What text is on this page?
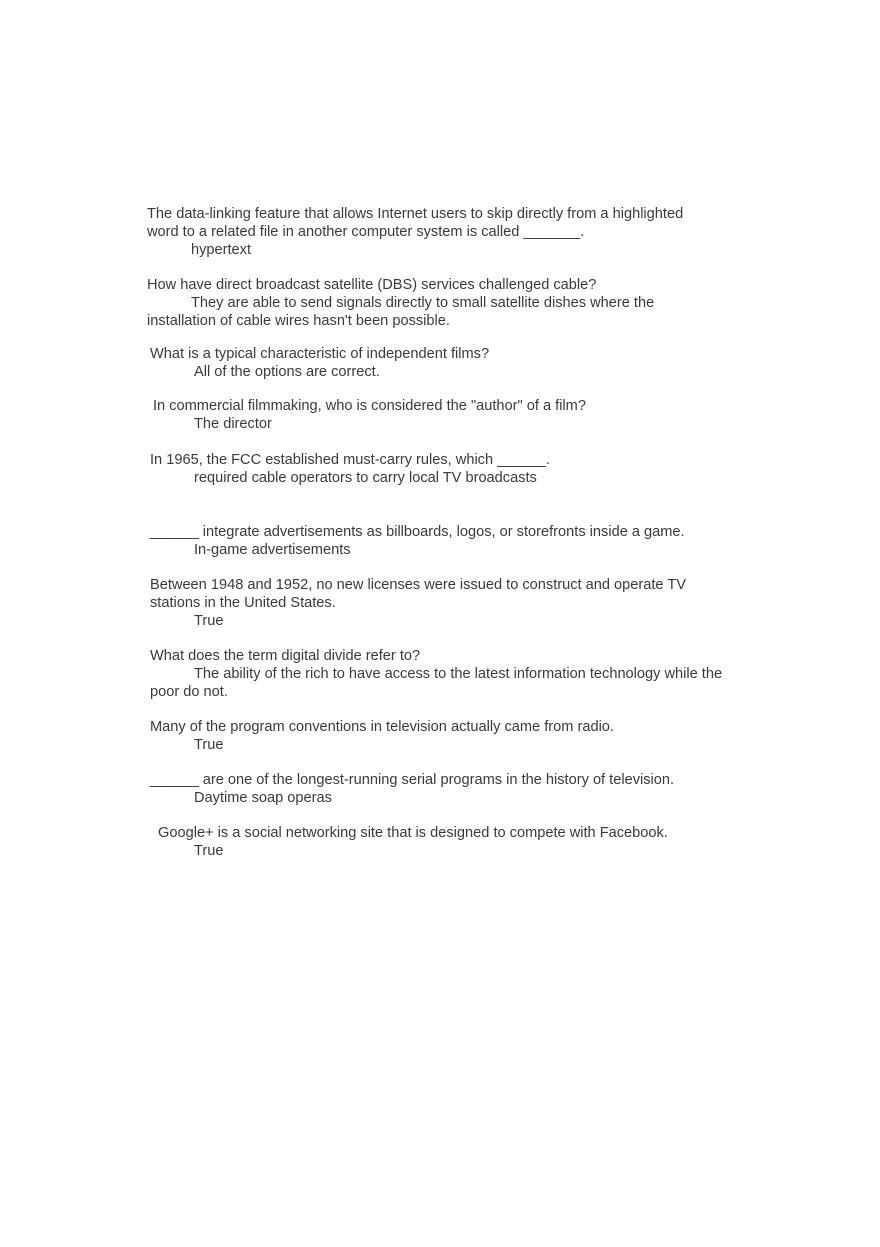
The data-linking feature that allows Internet users to skip directly from a highlighted word to a related file in another computer system is called _______.

hypertext

How have direct broadcast satellite (DBS) services challenged cable?

They are able to send signals directly to small satellite dishes where the installation of cable wires hasn't been possible.

What is a typical characteristic of independent films?

All of the options are correct.

In commercial filmmaking, who is considered the "author" of a film?

The director

In 1965, the FCC established must-carry rules, which ______.

required cable operators to carry local TV broadcasts

______ integrate advertisements as billboards, logos, or storefronts inside a game.

In-game advertisements

Between 1948 and 1952, no new licenses were issued to construct and operate TV stations in the United States.

True

What does the term digital divide refer to?

The ability of the rich to have access to the latest information technology while the poor do not.

Many of the program conventions in television actually came from radio.

True

______ are one of the longest-running serial programs in the history of television.

Daytime soap operas

Google+ is a social networking site that is designed to compete with Facebook.

True
